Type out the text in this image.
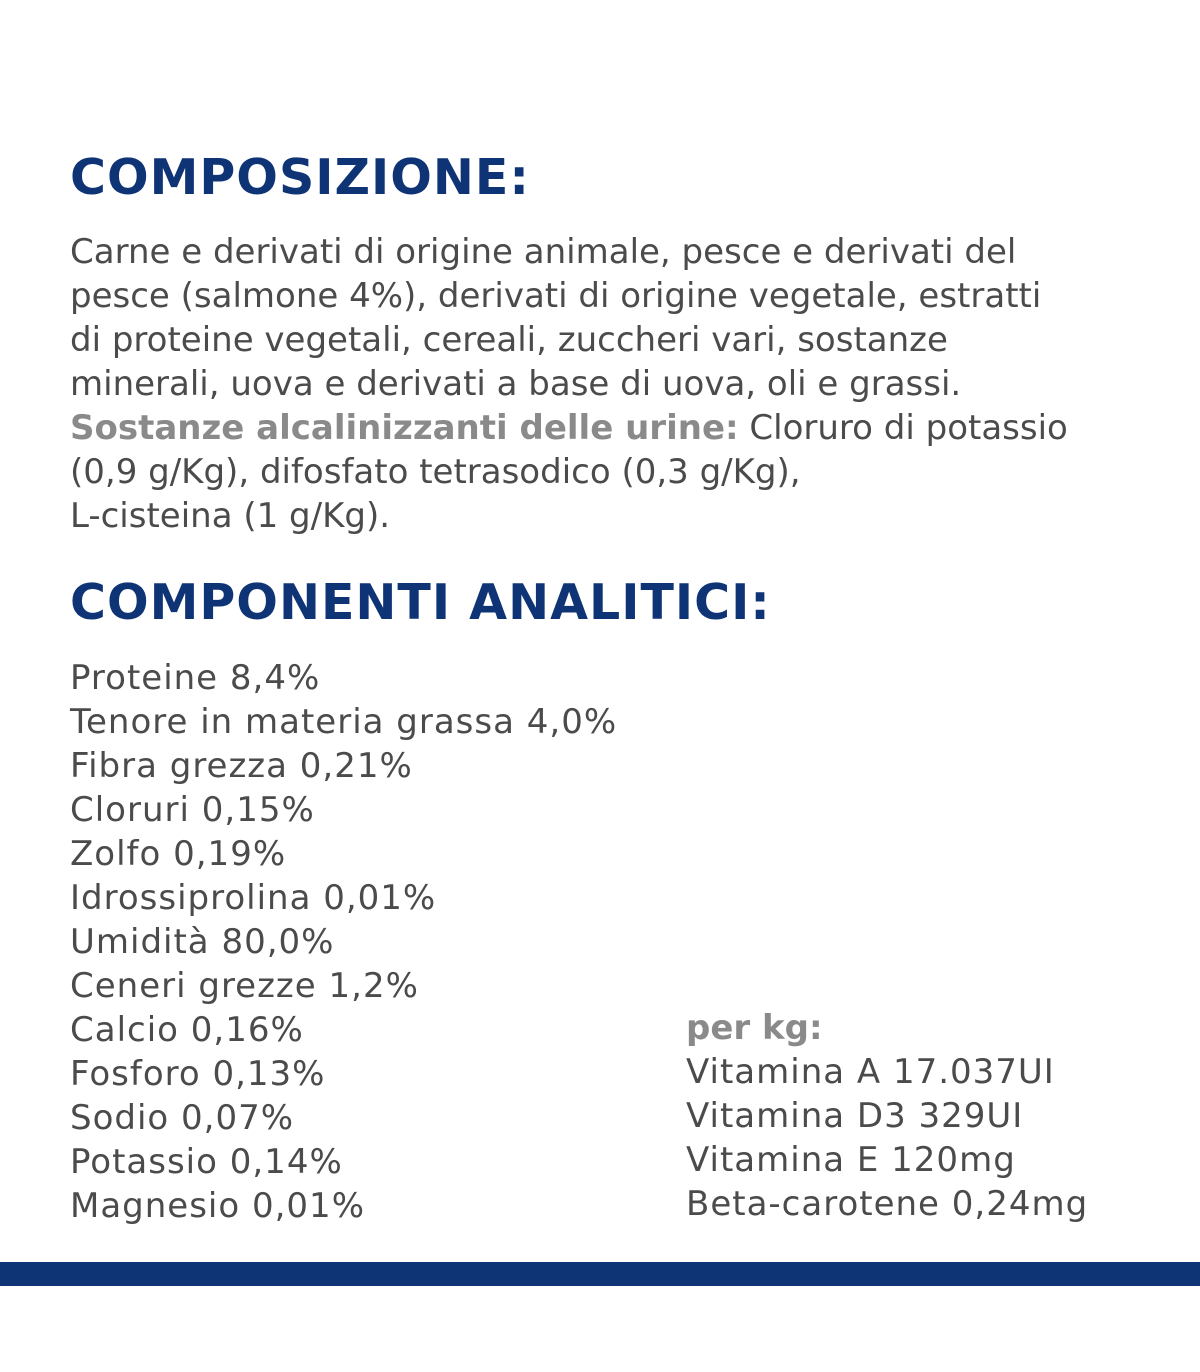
COMPOSIZIONE:
Carne e derivati di origine animale, pesce e derivati del
pesce (salmone 4%), derivati di origine vegetale, estratti
di proteine vegetali, cereali, zuccheri vari, sostanze
minerali, uova e derivati a base di uova, oli e grassi.
Sostanze alcalinizzanti delle urine: Cloruro di potassio
(0,9 g/Kg), difosfato tetrasodico (0,3 g/Kg),
L-cisteina (1 g/Kg).
COMPONENTI ANALITICI:
Proteine 8,4%
Tenore in materia grassa 4,0%
Fibra grezza 0,21%
Cloruri 0,15%
Zolfo 0,19%
Idrossiprolina 0,01%
Umidità 80,0%
Ceneri grezze 1,2%
Calcio 0,16%
Fosforo 0,13%
Sodio 0,07%
Potassio 0,14%
Magnesio 0,01%
per kg:
Vitamina A 17.037UI
Vitamina D3 329UI
Vitamina E 120mg
Beta-carotene 0,24mg
